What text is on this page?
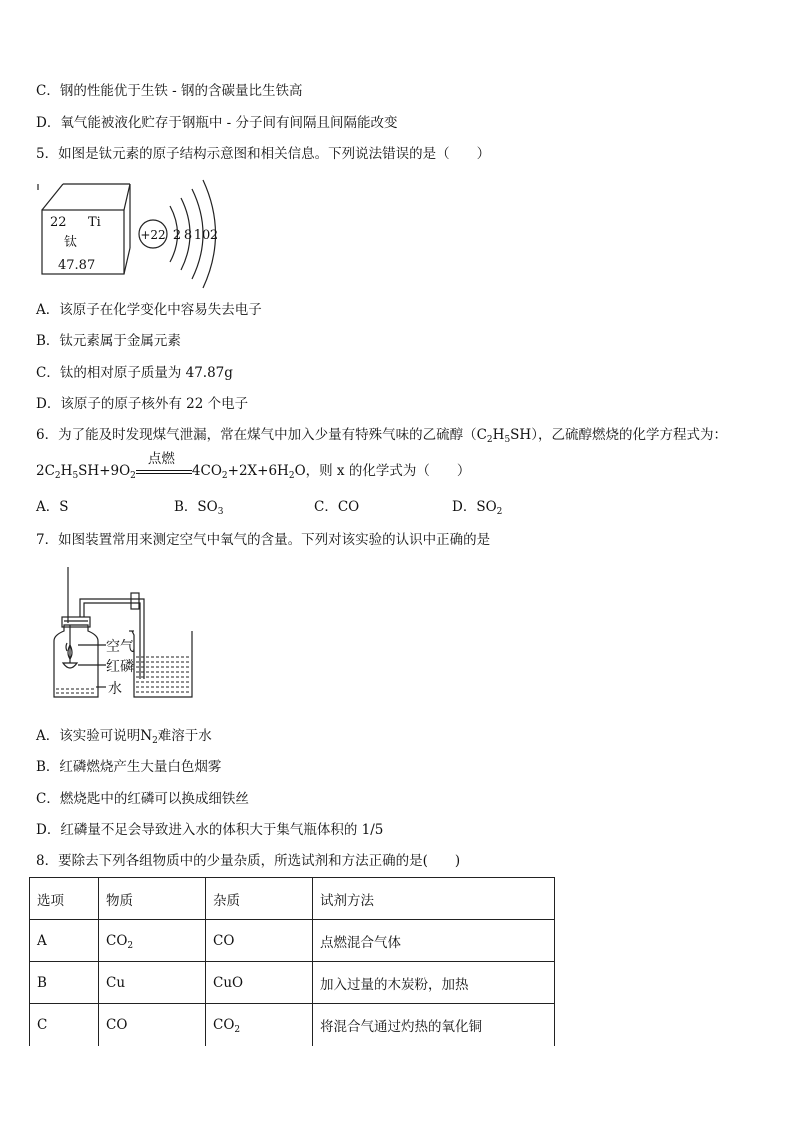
C．钢的性能优于生铁 - 钢的含碳量比生铁高
D．氧气能被液化贮存于钢瓶中 - 分子间有间隔且间隔能改变
5．如图是钛元素的原子结构示意图和相关信息。下列说法错误的是（　　）
22 Ti
钛
47.87
+22 2 8 10 2
A．该原子在化学变化中容易失去电子
B．钛元素属于金属元素
C．钛的相对原子质量为 47.87g
D．该原子的原子核外有 22 个电子
6．为了能及时发现煤气泄漏，常在煤气中加入少量有特殊气味的乙硫醇$(C_2H_5SH)$，乙硫醇燃烧的化学方程式为：
$2C_2H_5SH+9O_2$
点燃
$4CO_2+2X+6H_2O$，则 x 的化学式为（　　）
A．S	B．$SO_3$	C．CO	D．$SO_2$
7．如图装置常用来测定空气中氧气的含量。下列对该实验的认识中正确的是
空气
红磷
水
A．该实验可说明$N_2$难溶于水
B．红磷燃烧产生大量白色烟雾
C．燃烧匙中的红磷可以换成细铁丝
D．红磷量不足会导致进入水的体积大于集气瓶体积的 1/5
8．要除去下列各组物质中的少量杂质，所选试剂和方法正确的是(　　)
选项	物质	杂质	试剂方法
A	$CO_2$	CO	点燃混合气体
B	Cu	CuO	加入过量的木炭粉，加热
C	CO	$CO_2$	将混合气通过灼热的氧化铜
